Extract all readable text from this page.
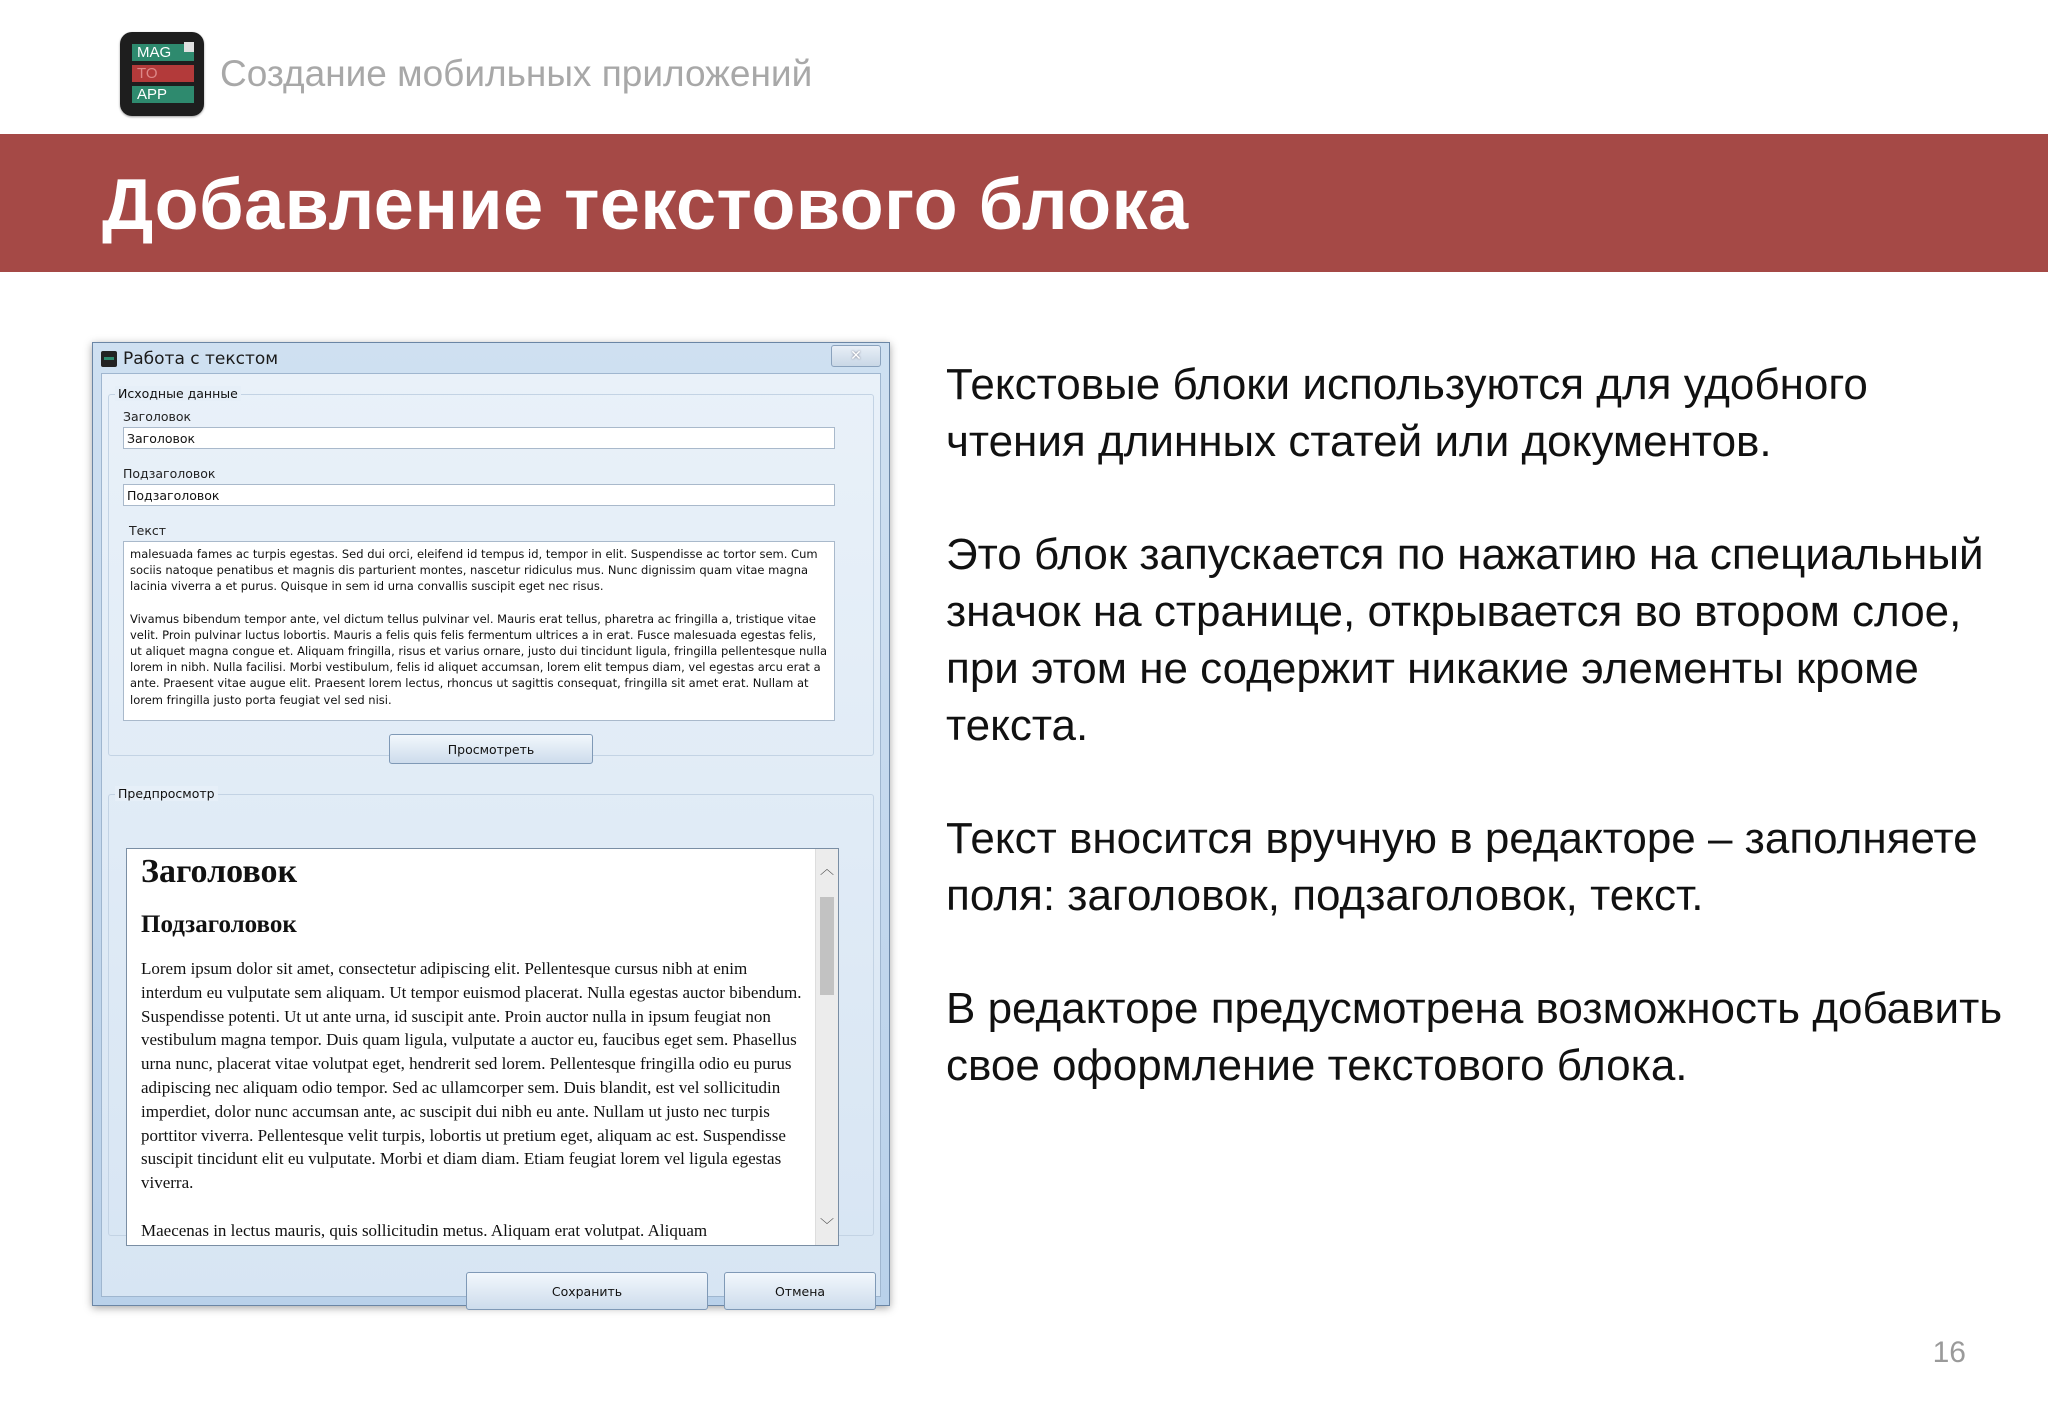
MAG
TO
APP
Создание мобильных приложений
Добавление текстового блока
Работа с текстом	✕
Исходные данные
Заголовок
Заголовок
Подзаголовок
Подзаголовок
Текст

malesuada fames ac turpis egestas. Sed dui orci, eleifend id tempus id, tempor in elit. Suspendisse ac tortor sem. Cum sociis natoque penatibus et magnis dis parturient montes, nascetur ridiculus mus. Nunc dignissim quam vitae magna lacinia viverra a et purus. Quisque in sem id urna convallis suscipit eget nec risus.

Vivamus bibendum tempor ante, vel dictum tellus pulvinar vel. Mauris erat tellus, pharetra ac fringilla a, tristique vitae velit. Proin pulvinar luctus lobortis. Mauris a felis quis felis fermentum ultrices a in erat. Fusce malesuada egestas felis, ut aliquet magna congue et. Aliquam fringilla, risus et varius ornare, justo dui tincidunt ligula, fringilla pellentesque nulla lorem in nibh. Nulla facilisi. Morbi vestibulum, felis id aliquet accumsan, lorem elit tempus diam, vel egestas arcu erat a ante. Praesent vitae augue elit. Praesent lorem lectus, rhoncus ut sagittis consequat, fringilla sit amet erat. Nullam at lorem fringilla justo porta feugiat vel sed nisi.

Просмотреть
Предпросмотр
Заголовок
Подзаголовок

Lorem ipsum dolor sit amet, consectetur adipiscing elit. Pellentesque cursus nibh at enim interdum eu vulputate sem aliquam. Ut tempor euismod placerat. Nulla egestas auctor bibendum. Suspendisse potenti. Ut ut ante urna, id suscipit ante. Proin auctor nulla in ipsum feugiat non vestibulum magna tempor. Duis quam ligula, vulputate a auctor eu, faucibus eget sem. Phasellus urna nunc, placerat vitae volutpat eget, hendrerit sed lorem. Pellentesque fringilla odio eu purus adipiscing nec aliquam odio tempor. Sed ac ullamcorper sem. Duis blandit, est vel sollicitudin imperdiet, dolor nunc accumsan ante, ac suscipit dui nibh eu ante. Nullam ut justo nec turpis porttitor viverra. Pellentesque velit turpis, lobortis ut pretium eget, aliquam ac est. Suspendisse suscipit tincidunt elit eu vulputate. Morbi et diam diam. Etiam feugiat lorem vel ligula egestas viverra.

Maecenas in lectus mauris, quis sollicitudin metus. Aliquam erat volutpat. Aliquam

︿
﹀
Сохранить	Отмена

Текстовые блоки используются для удобного чтения длинных статей или документов.

Это блок запускается по нажатию на специальный значок на странице, открывается во втором слое, при этом не содержит никакие элементы кроме текста.

Текст вносится вручную в редакторе – заполняете поля: заголовок, подзаголовок, текст.

В редакторе предусмотрена возможность добавить свое оформление текстового блока.

16
